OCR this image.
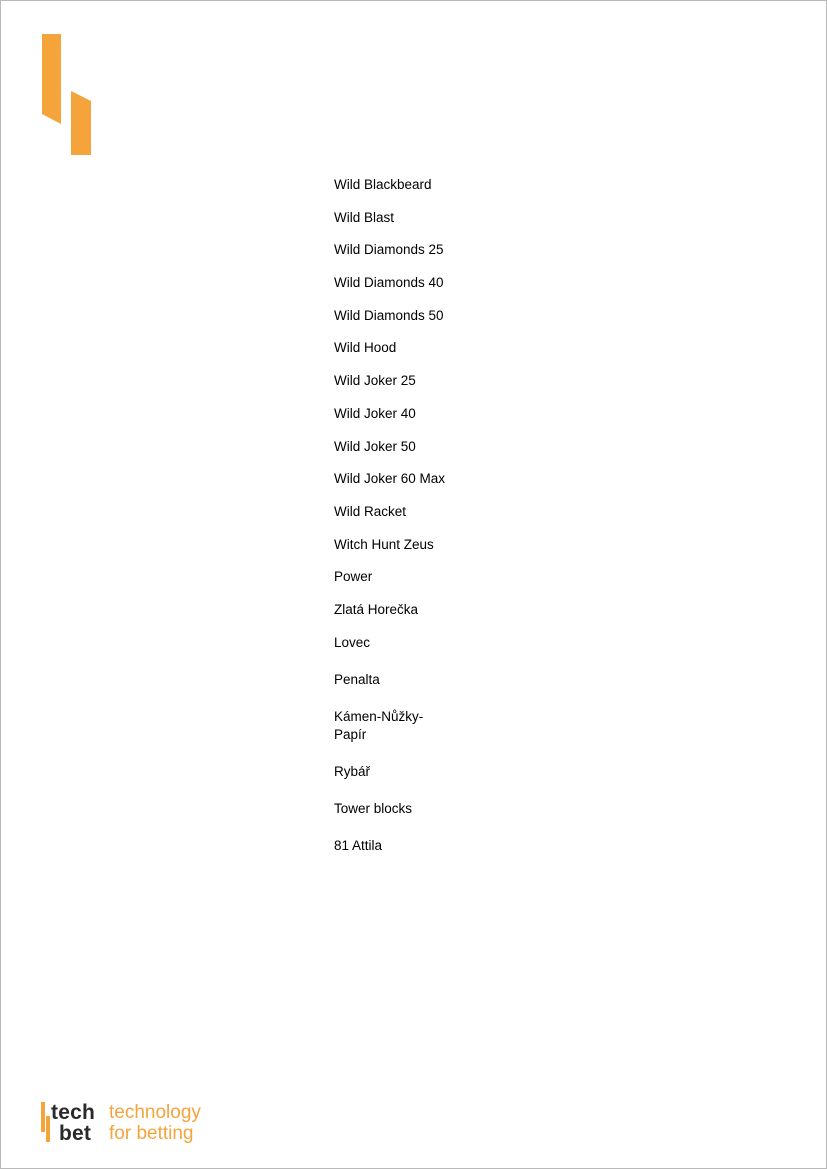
Wild Blackbeard
Wild Blast
Wild Diamonds 25
Wild Diamonds 40
Wild Diamonds 50
Wild Hood
Wild Joker 25
Wild Joker 40
Wild Joker 50
Wild Joker 60 Max
Wild Racket
Witch Hunt Zeus
Power
Zlatá Horečka
Lovec
Penalta
Kámen-Nůžky-Papír
Rybář
Tower blocks
81 Attila
tech
bet
technology
for betting
